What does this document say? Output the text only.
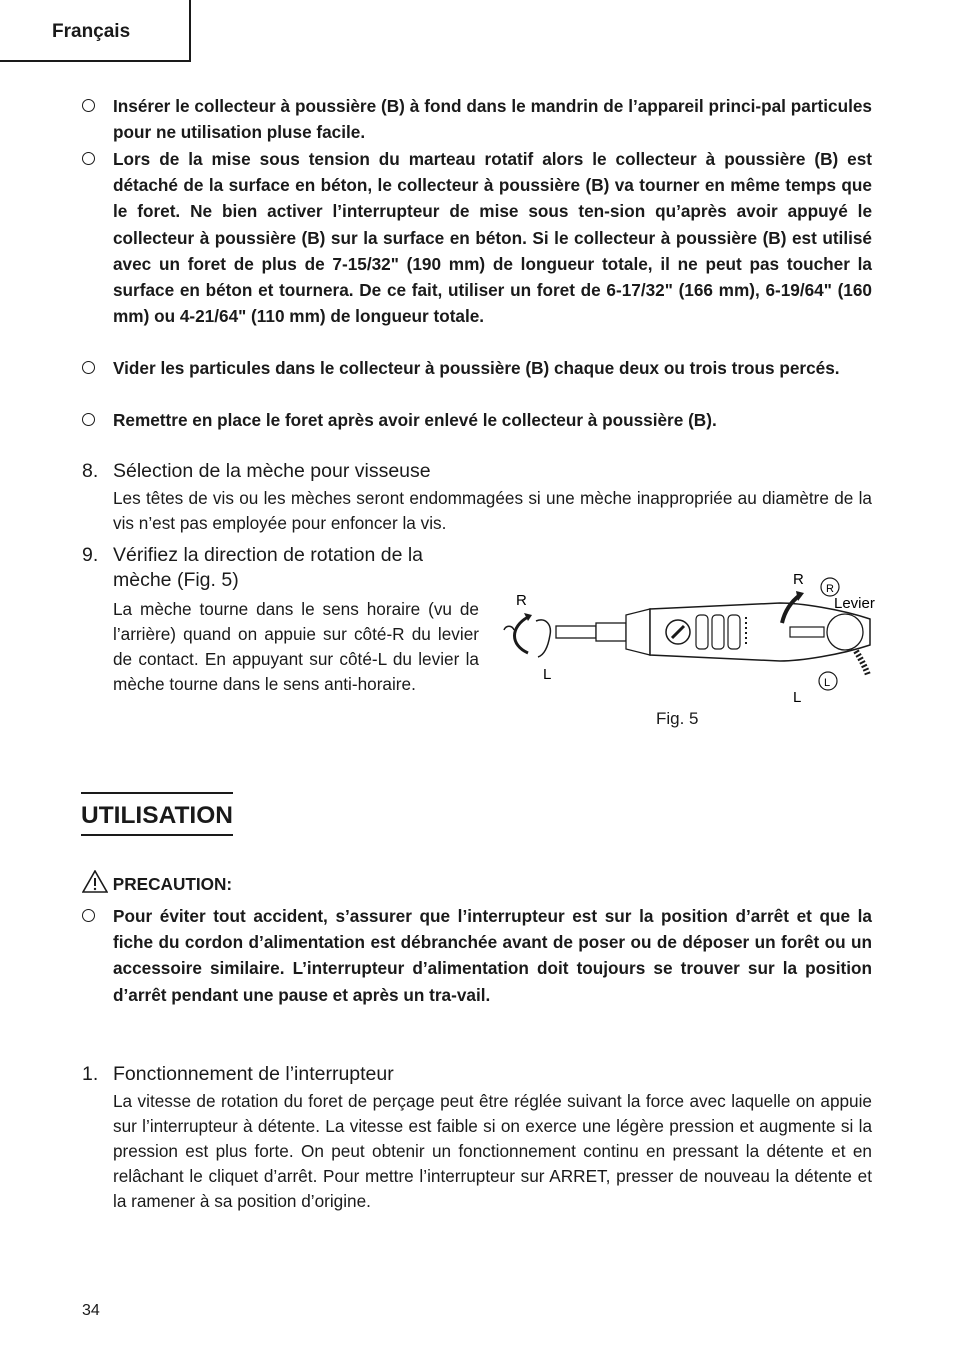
Français
Insérer le collecteur à poussière (B) à fond dans le mandrin de l’appareil princi-pal particules pour ne utilisation pluse facile.
Lors de la mise sous tension du marteau rotatif alors le collecteur à poussière (B) est détaché de la surface en béton, le collecteur à poussière (B) va tourner en même temps que le foret. Ne bien activer l’interrupteur de mise sous ten-sion qu’après avoir appuyé le collecteur à poussière (B) sur la surface en béton. Si le collecteur à poussière (B) est utilisé avec un foret de plus de 7-15/32" (190 mm) de longueur totale, il ne peut pas toucher la surface en béton et tournera. De ce fait, utiliser un foret de 6-17/32" (166 mm), 6-19/64" (160 mm) ou 4-21/64" (110 mm) de longueur totale.
Vider les particules dans le collecteur à poussière (B) chaque deux ou trois trous percés.
Remettre en place le foret après avoir enlevé le collecteur à poussière (B).
8. Sélection de la mèche pour visseuse
Les têtes de vis ou les mèches seront endommagées si une mèche inappropriée au diamètre de la vis n’est pas employée pour enfoncer la vis.
9. Vérifiez la direction de rotation de la mèche (Fig. 5)
La mèche tourne dans le sens horaire (vu de l’arrière) quand on appuie sur côté-R du levier de contact. En appuyant sur côté-L du levier la mèche tourne dans le sens anti-horaire.
R
L
R
L
R
L
Levier
Fig. 5
UTILISATION
PRECAUTION:
Pour éviter tout accident, s’assurer que l’interrupteur est sur la position d’arrêt et que la fiche du cordon d’alimentation est débranchée avant de poser ou de déposer un forêt ou un accessoire similaire. L’interrupteur d’alimentation doit toujours se trouver sur la position d’arrêt pendant une pause et après un tra-vail.
1. Fonctionnement de l’interrupteur
La vitesse de rotation du foret de perçage peut être réglée suivant la force avec laquelle on appuie sur l’interrupteur à détente. La vitesse est faible si on exerce une légère pression et augmente si la pression est plus forte. On peut obtenir un fonctionnement continu en pressant la détente et en relâchant le cliquet d’arrêt. Pour mettre l’interrupteur sur ARRET, presser de nouveau la détente et la ramener à sa position d’origine.
34
